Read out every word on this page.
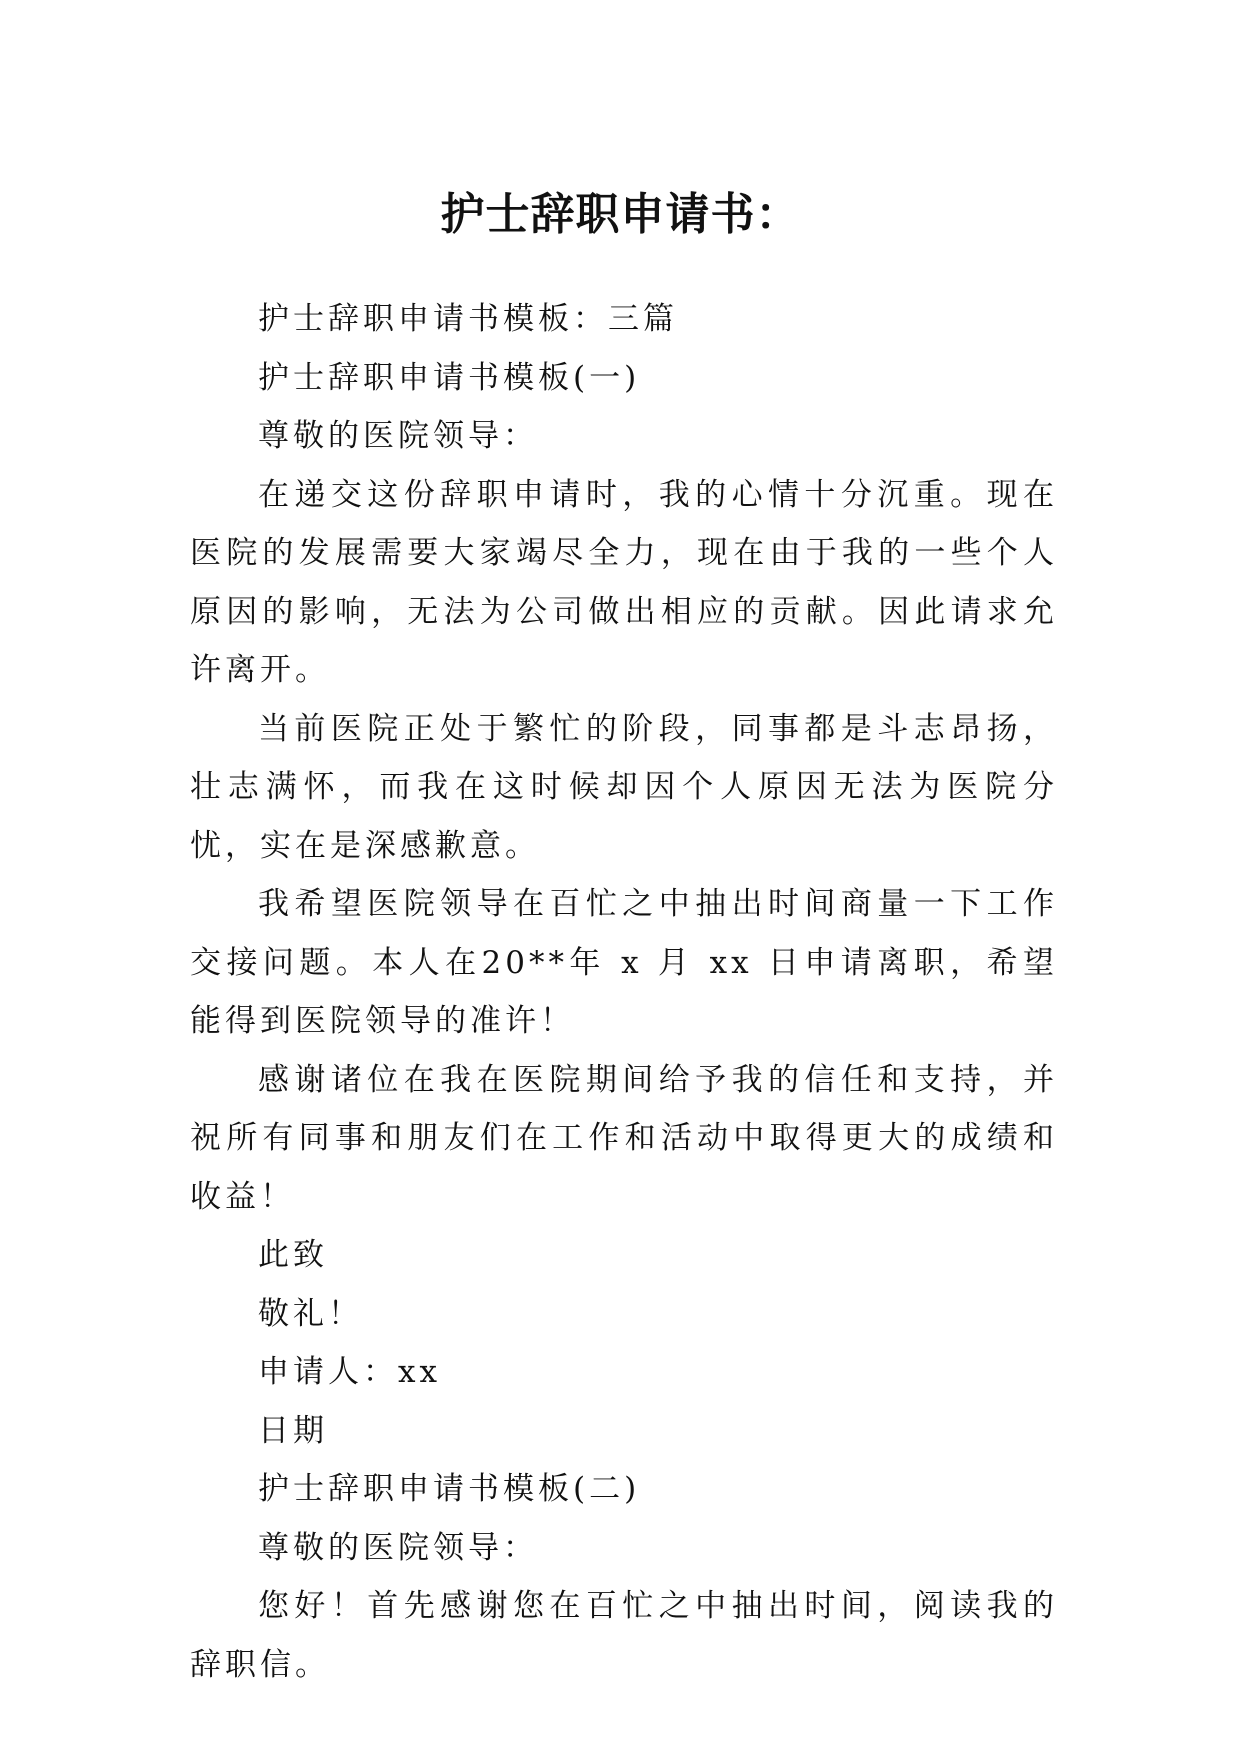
护士辞职申请书：

护士辞职申请书模板：三篇

护士辞职申请书模板(一)

尊敬的医院领导：

在递交这份辞职申请时，我的心情十分沉重。现在医院的发展需要大家竭尽全力，现在由于我的一些个人原因的影响，无法为公司做出相应的贡献。因此请求允许离开。

当前医院正处于繁忙的阶段，同事都是斗志昂扬，壮志满怀，而我在这时候却因个人原因无法为医院分忧，实在是深感歉意。

我希望医院领导在百忙之中抽出时间商量一下工作交接问题。本人在20**年 x 月 xx 日申请离职，希望能得到医院领导的准许！

感谢诸位在我在医院期间给予我的信任和支持，并祝所有同事和朋友们在工作和活动中取得更大的成绩和收益！

此致

敬礼！

申请人：xx

日期

护士辞职申请书模板(二)

尊敬的医院领导：

您好！首先感谢您在百忙之中抽出时间，阅读我的辞职信。
